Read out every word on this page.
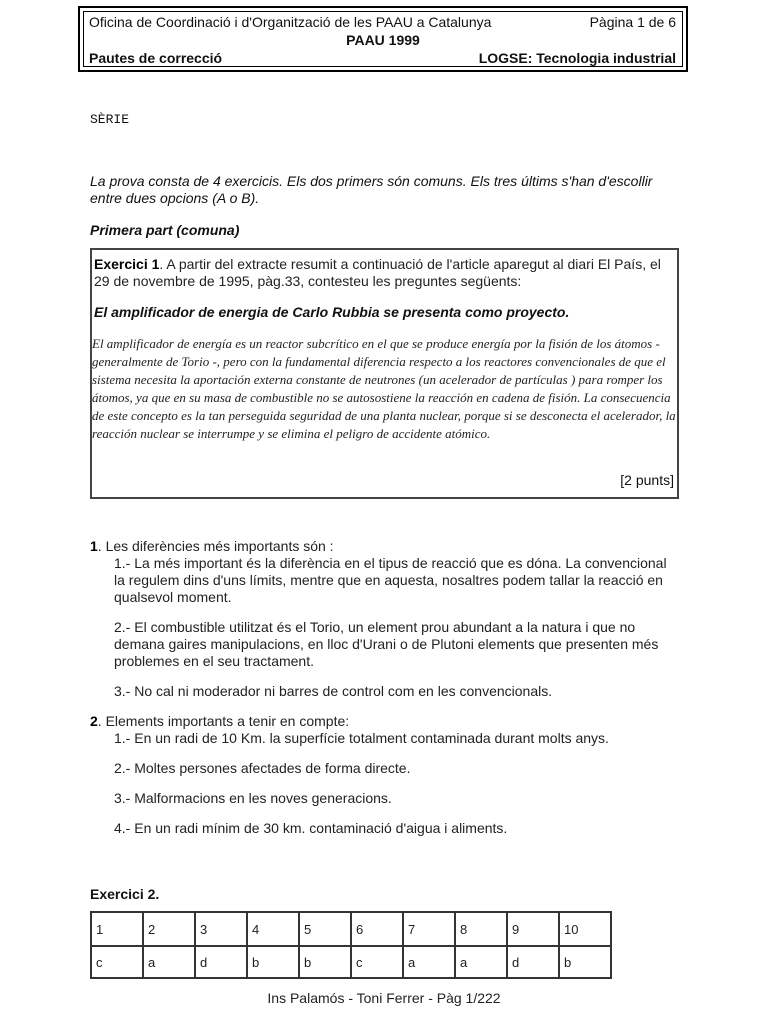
Oficina de Coordinació i d'Organització de les PAAU a Catalunya	Pàgina 1 de 6
PAAU 1999
Pautes de correcció	LOGSE: Tecnologia industrial
SÈRIE
La prova consta de 4 exercicis. Els dos primers són comuns. Els tres últims s'han d'escollir entre dues opcions (A o B).
Primera part (comuna)
Exercici 1. A partir del extracte resumit a continuació de l'article aparegut al diari El País, el 29 de novembre de 1995, pàg.33, contesteu les preguntes següents:
El amplificador de energia de Carlo Rubbia se presenta como proyecto.
El amplificador de energía es un reactor subcrítico en el que se produce energía por la fisión de los átomos - generalmente de Torio -, pero con la fundamental diferencia respecto a los reactores convencionales de que el sistema necesita la aportación externa constante de neutrones (un acelerador de partículas ) para romper los átomos, ya que en su masa de combustible no se autosostiene la reacción en cadena de fisión. La consecuencia de este concepto es la tan perseguida seguridad de una planta nuclear, porque si se desconecta el acelerador, la reacción nuclear se interrumpe y se elimina el peligro de accidente atómico.
[2 punts]

1. Les diferències més importants són :

1.- La més important és la diferència en el tipus de reacció que es dóna. La convencional la regulem dins d'uns límits, mentre que en aquesta, nosaltres podem tallar la reacció en qualsevol moment.

2.- El combustible utilitzat és el Torio, un element prou abundant a la natura i que no demana gaires manipulacions, en lloc d'Urani o de Plutoni elements que presenten més problemes en el seu tractament.

3.- No cal ni moderador ni barres de control com en les convencionals.

2. Elements importants a tenir en compte:

1.- En un radi de 10 Km. la superfície totalment contaminada durant molts anys.

2.- Moltes persones afectades de forma directe.

3.- Malformacions en les noves generacions.

4.- En un radi mínim de 30 km. contaminació d'aigua i aliments.

Exercici 2.
1	2	3	4	5	6	7	8	9	10
c	a	d	b	b	c	a	a	d	b
Ins Palamós - Toni Ferrer - Pàg 1/222
